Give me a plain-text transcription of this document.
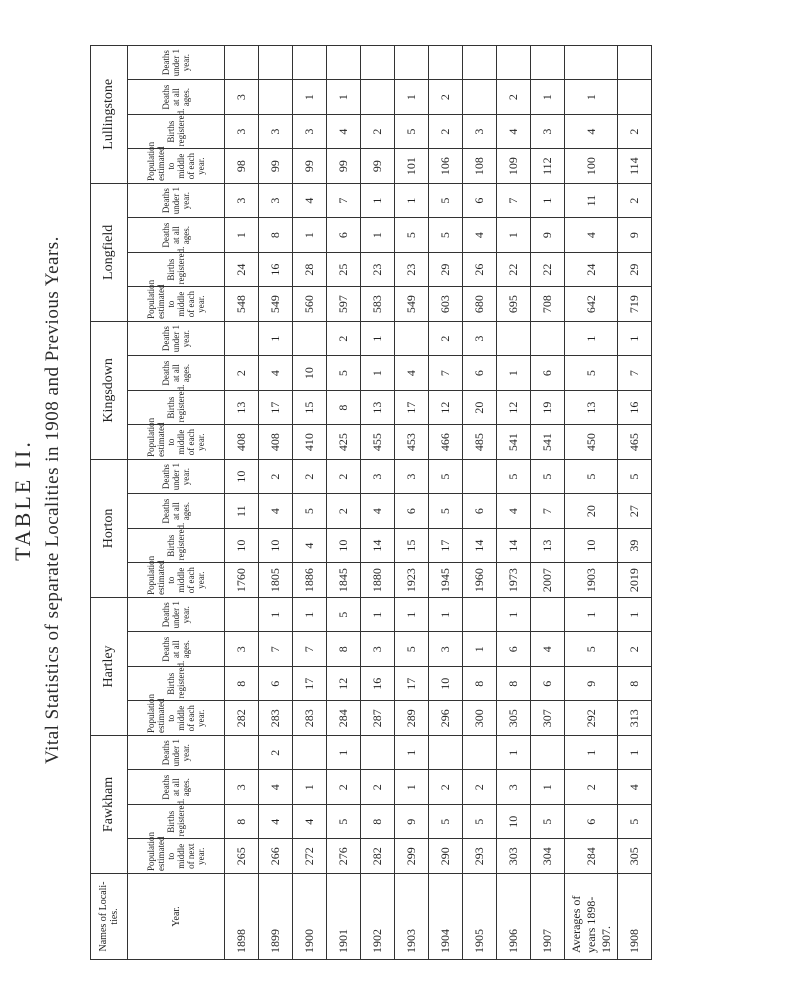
TABLE II. Vital Statistics of separate Localities in 1908 and Previous Years.
Names of Locali-ties.	Fawkham				Hartley				Horton				Kingsdown				Longfield				Lullingstone			
Year.	Population estimated to middle of next year.	Births registered.	Deaths at all ages.	Deaths under 1 year.	Population estimated to middle of each year.	Births registered.	Deaths at all ages.	Deaths under 1 year.	Population estimated to middle of each year.	Births registered.	Deaths at all ages.	Deaths under 1 year.	Population estimated to middle of each year.	Births registered.	Deaths at all ages.	Deaths under 1 year.	Population estimated to middle of each year.	Births registered.	Deaths at all ages.	Deaths under 1 year.	Population estimated to middle of each year.	Births registered.	Deaths at all ages.	Deaths under 1 year.
1898	265	8	3		282	8	3		1760	10	11	10	408	13	2		548	24	1	3	98	3	3	
1899	266	4	4	2	283	6	7	1	1805	10	4	2	408	17	4	1	549	16	8	3	99	3		
1900	272	4	1		283	17	7	1	1886	4	5	2	410	15	10		560	28	1	4	99	3	1	
1901	276	5	2	1	284	12	8	5	1845	10	2	2	425	8	5	2	597	25	6	7	99	4	1	
1902	282	8	2		287	16	3	1	1880	14	4	3	455	13	1	1	583	23	1	1	99	2		
1903	299	9	1	1	289	17	5	1	1923	15	6	3	453	17	4		549	23	5	1	101	5	1	
1904	290	5	2		296	10	3	1	1945	17	5	5	466	12	7	2	603	29	5	5	106	2	2	
1905	293	5	2		300	8	1		1960	14	6		485	20	6	3	680	26	4	6	108	3		
1906	303	10	3	1	305	8	6	1	1973	14	4	5	541	12	1		695	22	1	7	109	4	2	
1907	304	5	1		307	6	4		2007	13	7	5	541	19	6		708	22	9	1	112	3	1	
Averages of years 1898-1907.	284	6	2	1	292	9	5	1	1903	10	20	5	450	13	5	1	642	24	4	11	100	4	1	
1908	305	5	4	1	313	8	2	1	2019	39	27	5	465	16	7	1	719	29	9	2	114	2		
